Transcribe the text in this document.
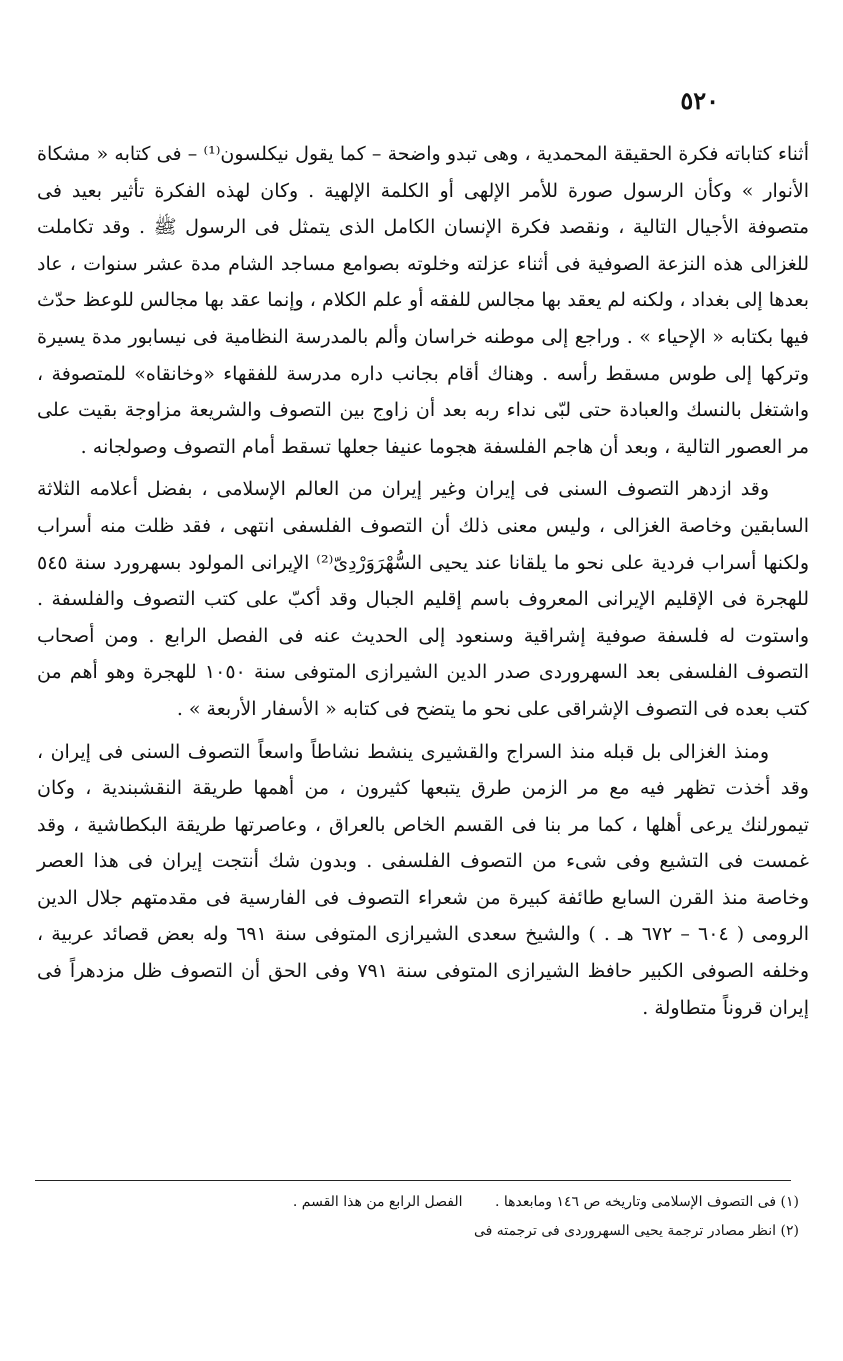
٥٢٠

أثناء كتاباته فكرة الحقيقة المحمدية ، وهى تبدو واضحة – كما يقول نيكلسون⁽¹⁾ – فى كتابه « مشكاة الأنوار » وكأن الرسول صورة للأمر الإلهى أو الكلمة الإلهية . وكان لهذه الفكرة تأثير بعيد فى متصوفة الأجيال التالية ، ونقصد فكرة الإنسان الكامل الذى يتمثل فى الرسول ﷺ . وقد تكاملت للغزالى هذه النزعة الصوفية فى أثناء عزلته وخلوته بصوامع مساجد الشام مدة عشر سنوات ، عاد بعدها إلى بغداد ، ولكنه لم يعقد بها مجالس للفقه أو علم الكلام ، وإنما عقد بها مجالس للوعظ حدّث فيها بكتابه « الإحياء » . وراجع إلى موطنه خراسان وألم بالمدرسة النظامية فى نيسابور مدة يسيرة وتركها إلى طوس مسقط رأسه . وهناك أقام بجانب داره مدرسة للفقهاء «وخانقاه» للمتصوفة ، واشتغل بالنسك والعبادة حتى لبّى نداء ربه بعد أن زاوج بين التصوف والشريعة مزاوجة بقيت على مر العصور التالية ، وبعد أن هاجم الفلسفة هجوما عنيفا جعلها تسقط أمام التصوف وصولجانه .

وقد ازدهر التصوف السنى فى إيران وغير إيران من العالم الإسلامى ، بفضل أعلامه الثلاثة السابقين وخاصة الغزالى ، وليس معنى ذلك أن التصوف الفلسفى انتهى ، فقد ظلت منه أسراب ولكنها أسراب فردية على نحو ما يلقانا عند يحيى السُّهْرَوَرْدِىّ⁽²⁾ الإيرانى المولود بسهرورد سنة ٥٤٥ للهجرة فى الإقليم الإيرانى المعروف باسم إقليم الجبال وقد أكبّ على كتب التصوف والفلسفة . واستوت له فلسفة صوفية إشراقية وسنعود إلى الحديث عنه فى الفصل الرابع . ومن أصحاب التصوف الفلسفى بعد السهروردى صدر الدين الشيرازى المتوفى سنة ١٠٥٠ للهجرة وهو أهم من كتب بعده فى التصوف الإشراقى على نحو ما يتضح فى كتابه « الأسفار الأربعة » .

ومنذ الغزالى بل قبله منذ السراج والقشيرى ينشط نشاطاً واسعاً التصوف السنى فى إيران ، وقد أخذت تظهر فيه مع مر الزمن طرق يتبعها كثيرون ، من أهمها طريقة النقشبندية ، وكان تيمورلنك يرعى أهلها ، كما مر بنا فى القسم الخاص بالعراق ، وعاصرتها طريقة البكطاشية ، وقد غمست فى التشيع وفى شىء من التصوف الفلسفى . وبدون شك أنتجت إيران فى هذا العصر وخاصة منذ القرن السابع طائفة كبيرة من شعراء التصوف فى الفارسية فى مقدمتهم جلال الدين الرومى ( ٦٠٤ – ٦٧٢ هـ . ) والشيخ سعدى الشيرازى المتوفى سنة ٦٩١ وله بعض قصائد عربية ، وخلفه الصوفى الكبير حافظ الشيرازى المتوفى سنة ٧٩١ وفى الحق أن التصوف ظل مزدهراً فى إيران قروناً متطاولة .

(١) فى التصوف الإسلامى وتاريخه ص ١٤٦ ومابعدها . الفصل الرابع من هذا القسم .
(٢) انظر مصادر ترجمة يحيى السهروردى فى ترجمته فى
